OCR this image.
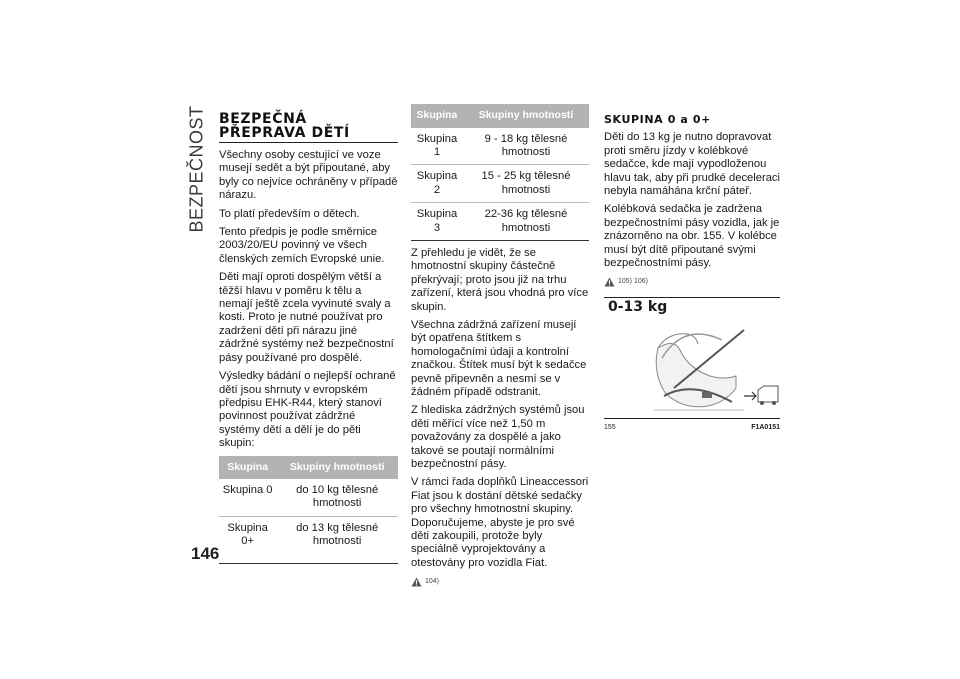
BEZPEČNOST BEZPEČNÁ
PŘEPRAVA DĚTÍ

Všechny osoby cestující ve voze musejí sedět a být připoutané, aby byly co nejvíce ochráněny v případě nárazu.

To platí především o dětech.

Tento předpis je podle směrnice 2003/20/EU povinný ve všech členských zemích Evropské unie.

Děti mají oproti dospělým větší a těžší hlavu v poměru k tělu a nemají ještě zcela vyvinuté svaly a kosti. Proto je nutné používat pro zadržení dětí při nárazu jiné zádržné systémy než bezpečnostní pásy používané pro dospělé.

Výsledky bádání o nejlepší ochraně dětí jsou shrnuty v evropském předpisu EHK-R44, který stanoví povinnost používat zádržné systémy dětí a dělí je do pěti skupin:

Skupina	Skupiny hmotností
Skupina 0	do 10 kg tělesné hmotnosti
Skupina 0+	do 13 kg tělesné hmotnosti
Skupina	Skupiny hmotností
Skupina 1	9 - 18 kg tělesné hmotnosti
Skupina 2	15 - 25 kg tělesné hmotnosti
Skupina 3	22-36 kg tělesné hmotnosti

Z přehledu je vidět, že se hmotnostní skupiny částečně překrývají; proto jsou již na trhu zařízení, která jsou vhodná pro více skupin.

Všechna zádržná zařízení musejí být opatřena štítkem s homologačními údaji a kontrolní značkou. Štítek musí být k sedačce pevně připevněn a nesmí se v žádném případě odstranit.

Z hlediska zádržných systémů jsou děti měřící více než 1,50 m považovány za dospělé a jako takové se poutají normálními bezpečnostní pásy.

V rámci řada doplňků Lineaccessori Fiat jsou k dostání dětské sedačky pro všechny hmotnostní skupiny. Doporučujeme, abyste je pro své děti zakoupili, protože byly speciálně vyprojektovány a otestovány pro vozidla Fiat.

104)
SKUPINA 0 a 0+

Děti do 13 kg je nutno dopravovat proti směru jízdy v kolébkové sedačce, kde mají vypodloženou hlavu tak, aby při prudké deceleraci nebyla namáhána krční páteř.

Kolébková sedačka je zadržena bezpečnostními pásy vozidla, jak je znázorněno na obr. 155. V kolébce musí být dítě připoutané svými bezpečnostními pásy.

105) 106)
0-13 kg
155	F1A0151
146
